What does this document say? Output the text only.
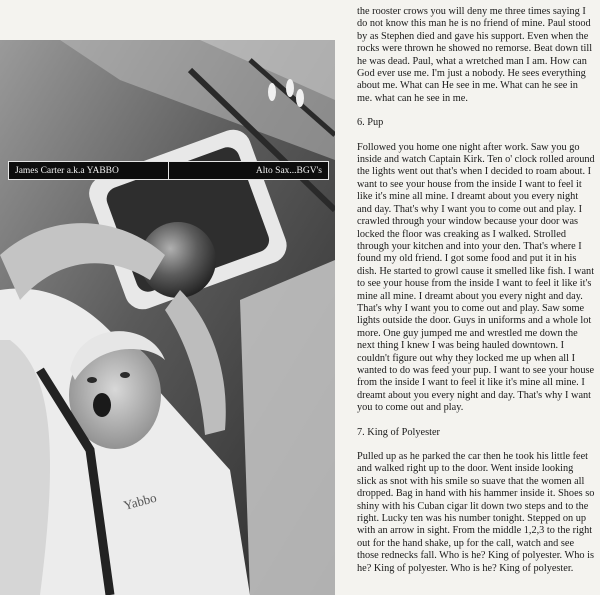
Yabbo
James Carter a.k.a YABBO	Alto Sax...BGV's

the rooster crows you will deny me three times saying I do not know this man he is no friend of mine. Paul stood by as Stephen died and gave his support. Even when the rocks were thrown he showed no remorse. Beat down till he was dead. Paul, what a wretched man I am. How can God ever use me. I'm just a nobody. He sees everything about me. What can He see in me. What can he see in me. what can he see in me.

6. Pup

Followed you home one night after work. Saw you go inside and watch Captain Kirk. Ten o' clock rolled around the lights went out that's when I decided to roam about. I want to see your house from the inside I want to feel it like it's mine all mine. I dreamt about you every night and day. That's why I want you to come out and play. I crawled through your window because your door was locked the floor was creaking as I walked. Strolled through your kitchen and into your den. That's where I found my old friend. I got some food and put it in his dish. He started to growl cause it smelled like fish. I want to see your house from the inside I want to feel it like it's mine all mine. I dreamt about you every night and day. That's why I want you to come out and play. Saw some lights outside the door. Guys in uniforms and a whole lot more. One guy jumped me and wrestled me down the next thing I knew I was being hauled downtown. I couldn't figure out why they locked me up when all I wanted to do was feed your pup. I want to see your house from the inside I want to feel it like it's mine all mine. I dreamt about you every night and day. That's why I want you to come out and play.

7. King of Polyester

Pulled up as he parked the car then he took his little feet and walked right up to the door. Went inside looking slick as snot with his smile so suave that the women all dropped. Bag in hand with his hammer inside it. Shoes so shiny with his Cuban cigar lit down two steps and to the right. Lucky ten was his number tonight. Stepped on up with an arrow in sight. From the middle 1,2,3 to the right out for the hand shake, up for the call, watch and see those rednecks fall. Who is he? King of polyester. Who is he? King of polyester. Who is he? King of polyester.
